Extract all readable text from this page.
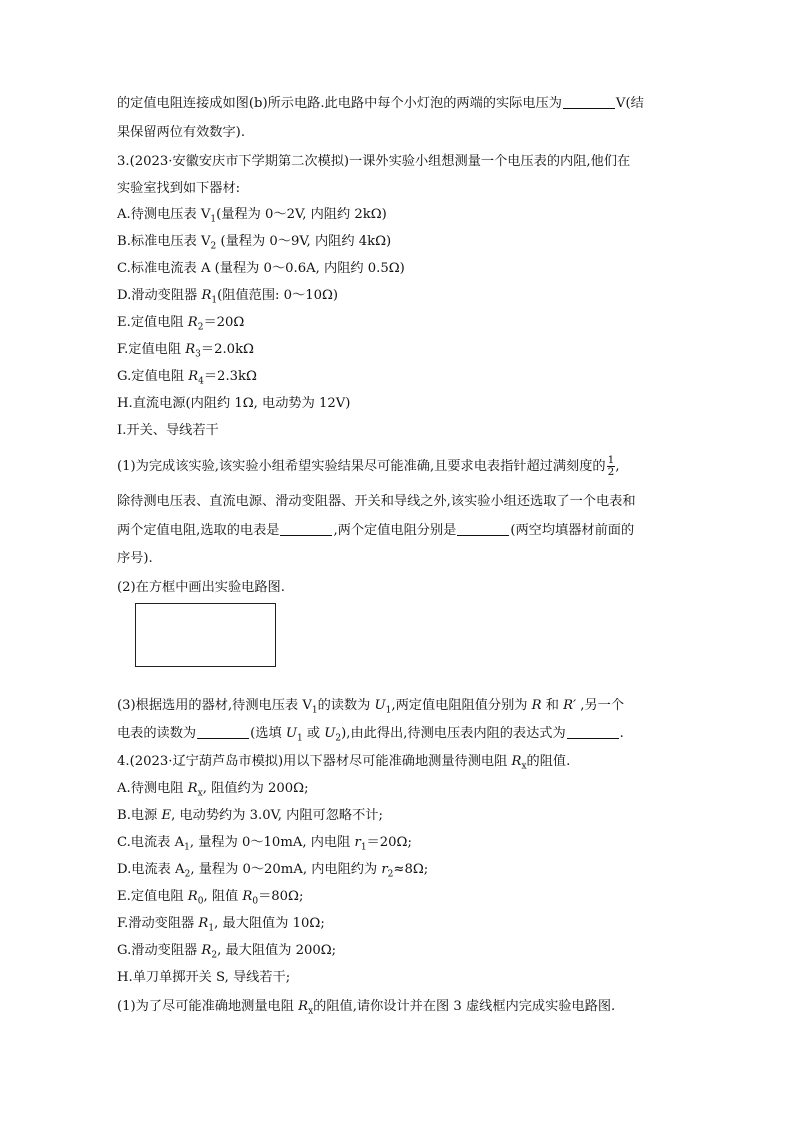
的定值电阻连接成如图(b)所示电路.此电路中每个小灯泡的两端的实际电压为	V(结
果保留两位有效数字).
3.(2023·安徽安庆市下学期第二次模拟)一课外实验小组想测量一个电压表的内阻,他们在
实验室找到如下器材:
A.待测电压表 $V_1$(量程为 0～2V, 内阻约 2kΩ)
B.标准电压表 $V_2$ (量程为 0～9V, 内阻约 4kΩ)
C.标准电流表 A (量程为 0～0.6A, 内阻约 0.5Ω)
D.滑动变阻器 $R_1$(阻值范围: 0～10Ω)
E.定值电阻 $R_2=20\Omega$
F.定值电阻 $R_3=2.0k\Omega$
G.定值电阻 $R_4=2.3k\Omega$
H.直流电源(内阻约 1Ω, 电动势为 12V)
I.开关、导线若干
(1)为完成该实验,该实验小组希望实验结果尽可能准确,且要求电表指针超过满刻度的 $\frac{1}{2}$ ,
除待测电压表、直流电源、滑动变阻器、开关和导线之外,该实验小组还选取了一个电表和
两个定值电阻,选取的电表是	,两个定值电阻分别是	(两空均填器材前面的
序号).
(2)在方框中画出实验电路图.
(3)根据选用的器材,待测电压表 $V_1$的读数为 $U_1$,两定值电阻阻值分别为 R 和 R′ ,另一个
电表的读数为	(选填 $U_1$ 或 $U_2$),由此得出,待测电压表内阻的表达式为	.
4.(2023·辽宁葫芦岛市模拟)用以下器材尽可能准确地测量待测电阻 $R_x$的阻值.
A.待测电阻 $R_x$, 阻值约为 200Ω;
B.电源 E, 电动势约为 3.0V, 内阻可忽略不计;
C.电流表 $A_1$, 量程为 0～10mA, 内电阻 $r_1=20\Omega$;
D.电流表 $A_2$, 量程为 0～20mA, 内电阻约为 $r_2\approx 8\Omega$;
E.定值电阻 $R_0$, 阻值 $R_0=80\Omega$;
F.滑动变阻器 $R_1$, 最大阻值为 10Ω;
G.滑动变阻器 $R_2$, 最大阻值为 200Ω;
H.单刀单掷开关 S, 导线若干;
(1)为了尽可能准确地测量电阻 $R_x$的阻值,请你设计并在图 3 虚线框内完成实验电路图.
